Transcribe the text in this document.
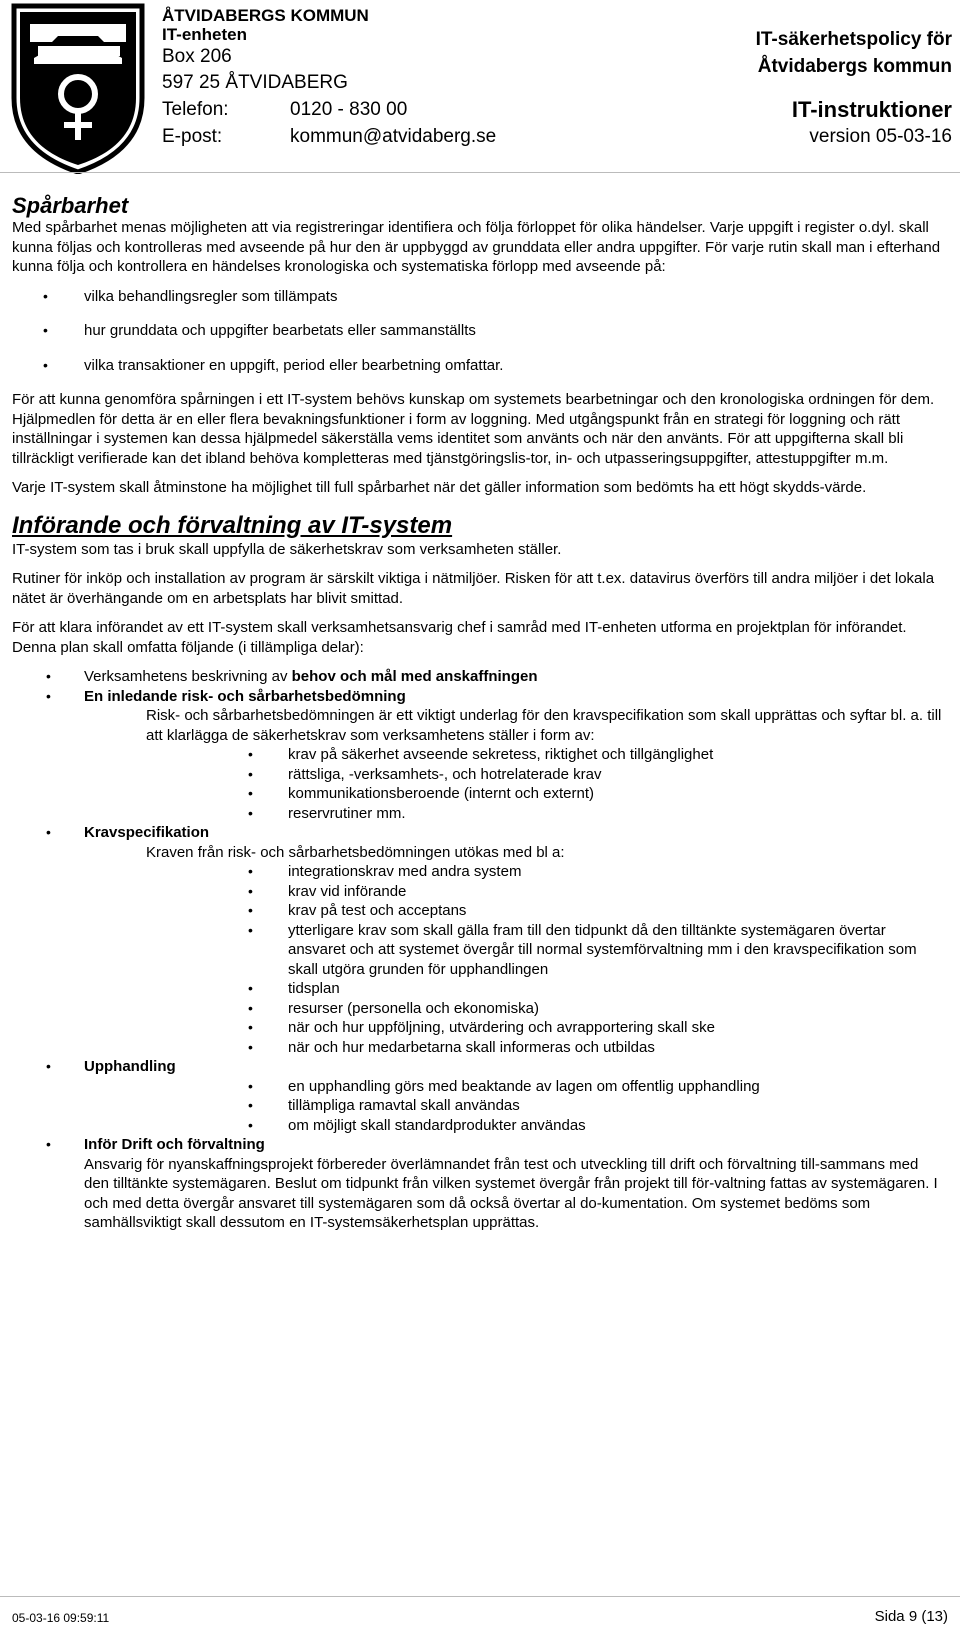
ÅTVIDABERGS KOMMUN
IT-enheten
Box 206
597 25 ÅTVIDABERG
Telefon:	0120 - 830 00
E-post:	kommun@atvidaberg.se
IT-säkerhetspolicy för
Åtvidabergs kommun
IT-instruktioner
version 05-03-16
Spårbarhet

Med spårbarhet menas möjligheten att via registreringar identifiera och följa förloppet för olika händelser. Varje uppgift i register o.dyl. skall kunna följas och kontrolleras med avseende på hur den är uppbyggd av grunddata eller andra uppgifter. För varje rutin skall man i efterhand kunna följa och kontrollera en händelses kronologiska och systematiska förlopp med avseende på:

• vilka behandlingsregler som tillämpats
• hur grunddata och uppgifter bearbetats eller sammanställts
• vilka transaktioner en uppgift, period eller bearbetning omfattar.

För att kunna genomföra spårningen i ett IT-system behövs kunskap om systemets bearbetningar och den kronologiska ordningen för dem. Hjälpmedlen för detta är en eller flera bevakningsfunktioner i form av loggning. Med utgångspunkt från en strategi för loggning och rätt inställningar i systemen kan dessa hjälpmedel säkerställa vems identitet som använts och när den använts. För att uppgifterna skall bli tillräckligt verifierade kan det ibland behöva kompletteras med tjänstgöringslis-tor, in- och utpasseringsuppgifter, attestuppgifter m.m.

Varje IT-system skall åtminstone ha möjlighet till full spårbarhet när det gäller information som bedömts ha ett högt skydds-värde.

Införande och förvaltning av IT-system

IT-system som tas i bruk skall uppfylla de säkerhetskrav som verksamheten ställer.

Rutiner för inköp och installation av program är särskilt viktiga i nätmiljöer. Risken för att t.ex. datavirus överförs till andra miljöer i det lokala nätet är överhängande om en arbetsplats har blivit smittad.

För att klara införandet av ett IT-system skall verksamhetsansvarig chef i samråd med IT-enheten utforma en projektplan för införandet. Denna plan skall omfatta följande (i tillämpliga delar):

• Verksamhetens beskrivning av behov och mål med anskaffningen
• En inledande risk- och sårbarhetsbedömning
Risk- och sårbarhetsbedömningen är ett viktigt underlag för den kravspecifikation som skall upprättas och syftar bl. a. till att klarlägga de säkerhetskrav som verksamhetens ställer i form av:
• krav på säkerhet avseende sekretess, riktighet och tillgänglighet
• rättsliga, -verksamhets-, och hotrelaterade krav
• kommunikationsberoende (internt och externt)
• reservrutiner mm.
• Kravspecifikation
Kraven från risk- och sårbarhetsbedömningen utökas med bl a:
• integrationskrav med andra system
• krav vid införande
• krav på test och acceptans
• ytterligare krav som skall gälla fram till den tidpunkt då den tilltänkte systemägaren övertar ansvaret och att systemet övergår till normal systemförvaltning mm i den kravspecifikation som skall utgöra grunden för upphandlingen
• tidsplan
• resurser (personella och ekonomiska)
• när och hur uppföljning, utvärdering och avrapportering skall ske
• när och hur medarbetarna skall informeras och utbildas
• Upphandling
• en upphandling görs med beaktande av lagen om offentlig upphandling
• tillämpliga ramavtal skall användas
• om möjligt skall standardprodukter användas
• Inför Drift och förvaltning

Ansvarig för nyanskaffningsprojekt förbereder överlämnandet från test och utveckling till drift och förvaltning till-sammans med den tilltänkte systemägaren. Beslut om tidpunkt från vilken systemet övergår från projekt till för-valtning fattas av systemägaren. I och med detta övergår ansvaret till systemägaren som då också övertar al do-kumentation. Om systemet bedöms som samhällsviktigt skall dessutom en IT-systemsäkerhetsplan upprättas.

05-03-16 09:59:11	Sida 9 (13)
